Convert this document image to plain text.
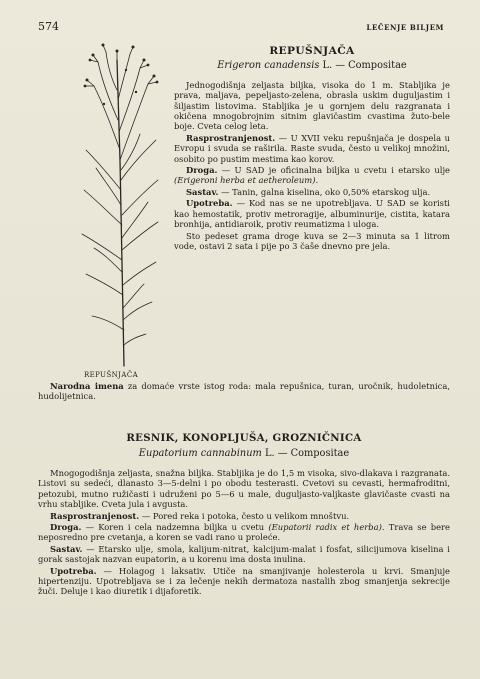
574	LEČENJE BILJEM
REPUŠNJAČA
REPUŠNJAČA
Erigeron canadensis L. — Compositae

Jednogodišnja zeljasta biljka, visoka do 1 m. Stabljika je prava, maljava, pepeljasto-zelena, obrasla uskim duguljastim i šiljastim listovima. Stabljika je u gornjem delu razgranata i okičena mnogobrojnim sitnim glavičastim cvastima žuto-bele boje. Cveta celog leta.

Rasprostranjenost. — U XVII veku repušnjača je dospela u Evropu i svuda se raširila. Raste svuda, često u velikoj množini, osobito po pustim mestima kao korov.

Droga. — U SAD je oficinalna biljka u cvetu i etarsko ulje (Erigeroni herba et aetheroleum).

Sastav. — Tanin, galna kiselina, oko 0,50% etarskog ulja.

Upotreba. — Kod nas se ne upotrebljava. U SAD se koristi kao hemostatik, protiv metroragije, albuminurije, cistita, katara bronhija, antidiaroik, protiv reumatizma i uloga.

Sto pedeset grama droge kuva se 2—3 minuta sa 1 litrom vode, ostavi 2 sata i pije po 3 čaše dnevno pre jela.

Narodna imena za domaće vrste istog roda: mala repušnica, turan, uročnik, hudoletnica, hudolijetnica.

RESNIK, KONOPLJUŠA, GROZNIČNICA
Eupatorium cannabinum L. — Compositae

Mnogogodišnja zeljasta, snažna biljka. Stabljika je do 1,5 m visoka, sivo-dlakava i razgranata. Listovi su sedeći, dlanasto 3—5-delni i po obodu testerasti. Cvetovi su cevasti, hermafroditni, petozubi, mutno ružičasti i udruženi po 5—6 u male, duguljasto-valjkaste glavičaste cvasti na vrhu stabljike. Cveta jula i avgusta.

Rasprostranjenost. — Pored reka i potoka, često u velikom mnoštvu.

Droga. — Koren i cela nadzemna biljka u cvetu (Eupatorii radix et herba). Trava se bere neposredno pre cvetanja, a koren se vadi rano u proleće.

Sastav. — Etarsko ulje, smola, kalijum-nitrat, kalcijum-malat i fosfat, silicijumova kiselina i gorak sastojak nazvan eupatorin, a u korenu ima dosta inulina.

Upotreba. — Holagog i laksativ. Utiče na smanjivanje holesterola u krvi. Smanjuje hipertenziju. Upotrebljava se i za lečenje nekih dermatoza nastalih zbog smanjenja sekrecije žuči. Deluje i kao diuretik i dijaforetik.
